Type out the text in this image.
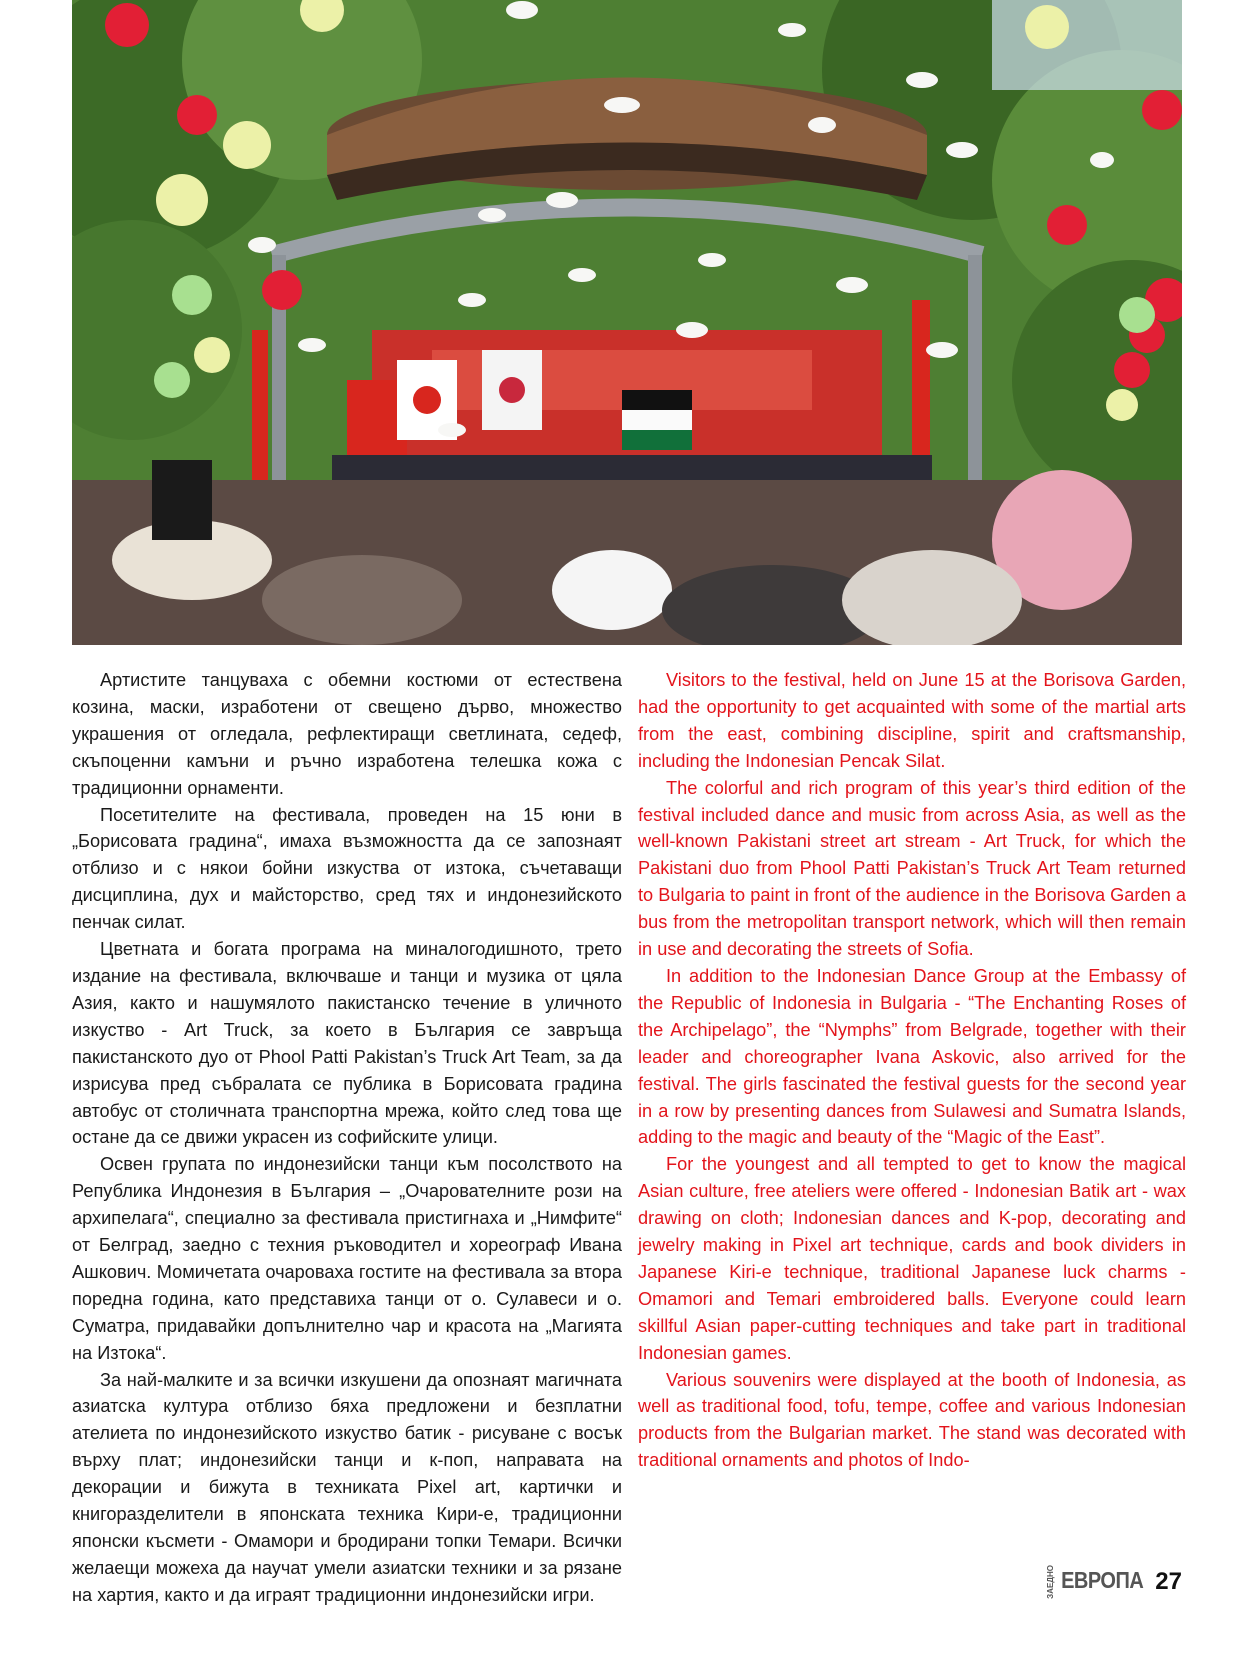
Артистите танцуваха с обемни костюми от естествена козина, маски, изработени от свещено дърво, множество украшения от огледала, рефлектиращи светлината, седеф, скъпоценни камъни и ръчно изработена телешка кожа с традиционни орнаменти.

Посетителите на фестивала, проведен на 15 юни в „Борисовата градина“, имаха възможността да се запознаят отблизо и с някои бойни изкуства от изтока, съчетаващи дисциплина, дух и майсторство, сред тях и индонезийското пенчак силат.

Цветната и богата програма на миналогодишното, трето издание на фестивала, включваше и танци и музика от цяла Азия, както и нашумялото пакистанско течение в уличното изкуство - Art Truck, за което в България се завръща пакистанското дуо от Phool Patti Pakistan’s Truck Art Team, за да изрисува пред събралата се публика в Борисовата градина автобус от столичната транспортна мрежа, който след това ще остане да се движи украсен из софийските улици.

Освен групата по индонезийски танци към посолството на Република Индонезия в България – „Очарователните рози на архипелага“, специално за фестивала пристигнаха и „Нимфите“ от Белград, заедно с техния ръководител и хореограф Ивана Ашкович. Момичетата очароваха гостите на фестивала за втора поредна година, като представиха танци от о. Сулавеси и о. Суматра, придавайки допълнително чар и красота на „Магията на Изтока“.

За най-малките и за всички изкушени да опознаят магичната азиатска култура отблизо бяха предложени и безплатни ателиета по индонезийското изкуство батик - рисуване с восък върху плат; индонезийски танци и к-поп, направата на декорации и бижута в техниката Pixel art, картички и книгоразделители в японската техника Кири-е, традиционни японски късмети - Омамори и бродирани топки Темари. Всички желаещи можеха да научат умели азиатски техники и за рязане на хартия, както и да играят традиционни индонезийски игри.

Visitors to the festival, held on June 15 at the Borisova Garden, had the opportunity to get acquainted with some of the martial arts from the east, combining discipline, spirit and craftsmanship, including the Indonesian Pencak Silat.

The colorful and rich program of this year’s third edition of the festival included dance and music from across Asia, as well as the well-known Pakistani street art stream - Art Truck, for which the Pakistani duo from Phool Patti Pakistan’s Truck Art Team returned to Bulgaria to paint in front of the audience in the Borisova Garden a bus from the metropolitan transport network, which will then remain in use and decorating the streets of Sofia.

In addition to the Indonesian Dance Group at the Embassy of the Republic of Indonesia in Bulgaria - “The Enchanting Roses of the Archipelago”, the “Nymphs” from Belgrade, together with their leader and choreographer Ivana Askovic, also arrived for the festival. The girls fascinated the festival guests for the second year in a row by presenting dances from Sulawesi and Sumatra Islands, adding to the magic and beauty of the “Magic of the East”.

For the youngest and all tempted to get to know the magical Asian culture, free ateliers were offered - Indonesian Batik art - wax drawing on cloth; Indonesian dances and K-pop, decorating and jewelry making in Pixel art technique, cards and book dividers in Japanese Kiri-e technique, traditional Japanese luck charms - Omamori and Temari embroidered balls. Everyone could learn skillful Asian paper-cutting techniques and take part in traditional Indonesian games.

Various souvenirs were displayed at the booth of Indonesia, as well as traditional food, tofu, tempe, coffee and various Indonesian products from the Bulgarian market. The stand was decorated with traditional ornaments and photos of Indo-

ЗАЕДНО ЕВРОПА 27
